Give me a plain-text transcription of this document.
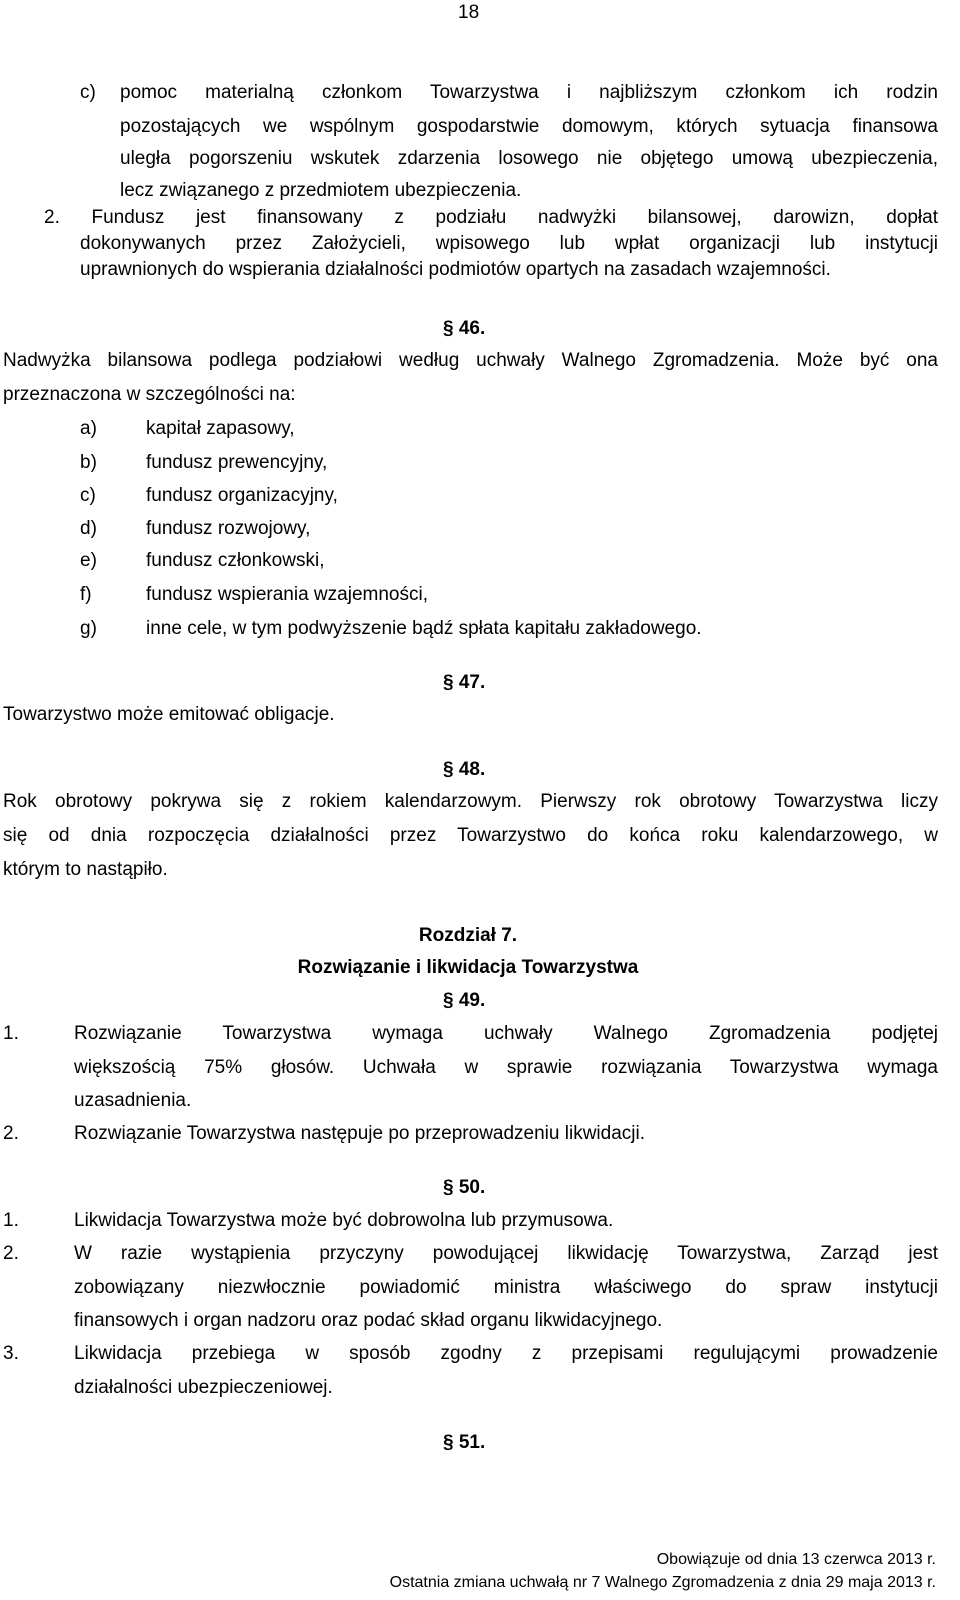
18
c) pomoc materialną członkom Towarzystwa i najbliższym członkom ich rodzin
pozostających we wspólnym gospodarstwie domowym, których sytuacja finansowa
uległa pogorszeniu wskutek zdarzenia losowego nie objętego umową ubezpieczenia,
lecz związanego z przedmiotem ubezpieczenia.
2. Fundusz jest finansowany z podziału nadwyżki bilansowej, darowizn, dopłat
dokonywanych przez Założycieli, wpisowego lub wpłat organizacji lub instytucji
uprawnionych do wspierania działalności podmiotów opartych na zasadach wzajemności.
§ 46.
Nadwyżka bilansowa podlega podziałowi według uchwały Walnego Zgromadzenia. Może być ona
przeznaczona w szczególności na:
a)	kapitał zapasowy,
b)	fundusz prewencyjny,
c)	fundusz organizacyjny,
d)	fundusz rozwojowy,
e)	fundusz członkowski,
f)	fundusz wspierania wzajemności,
g)	inne cele, w tym podwyższenie bądź spłata kapitału zakładowego.
§ 47.
Towarzystwo może emitować obligacje.
§ 48.
Rok obrotowy pokrywa się z rokiem kalendarzowym. Pierwszy rok obrotowy Towarzystwa liczy
się od dnia rozpoczęcia działalności przez Towarzystwo do końca roku kalendarzowego, w
którym to nastąpiło.
Rozdział 7.
Rozwiązanie i likwidacja Towarzystwa
§ 49.
1.	Rozwiązanie Towarzystwa wymaga uchwały Walnego Zgromadzenia podjętej
większością 75% głosów. Uchwała w sprawie rozwiązania Towarzystwa wymaga
uzasadnienia.
2.	Rozwiązanie Towarzystwa następuje po przeprowadzeniu likwidacji.
§ 50.
1.	Likwidacja Towarzystwa może być dobrowolna lub przymusowa.
2.	W razie wystąpienia przyczyny powodującej likwidację Towarzystwa, Zarząd jest
zobowiązany niezwłocznie powiadomić ministra właściwego do spraw instytucji
finansowych i organ nadzoru oraz podać skład organu likwidacyjnego.
3.	Likwidacja przebiega w sposób zgodny z przepisami regulującymi prowadzenie
działalności ubezpieczeniowej.
§ 51.
Obowiązuje od dnia 13 czerwca 2013 r.
Ostatnia zmiana uchwałą nr 7 Walnego Zgromadzenia z dnia 29 maja 2013 r.
